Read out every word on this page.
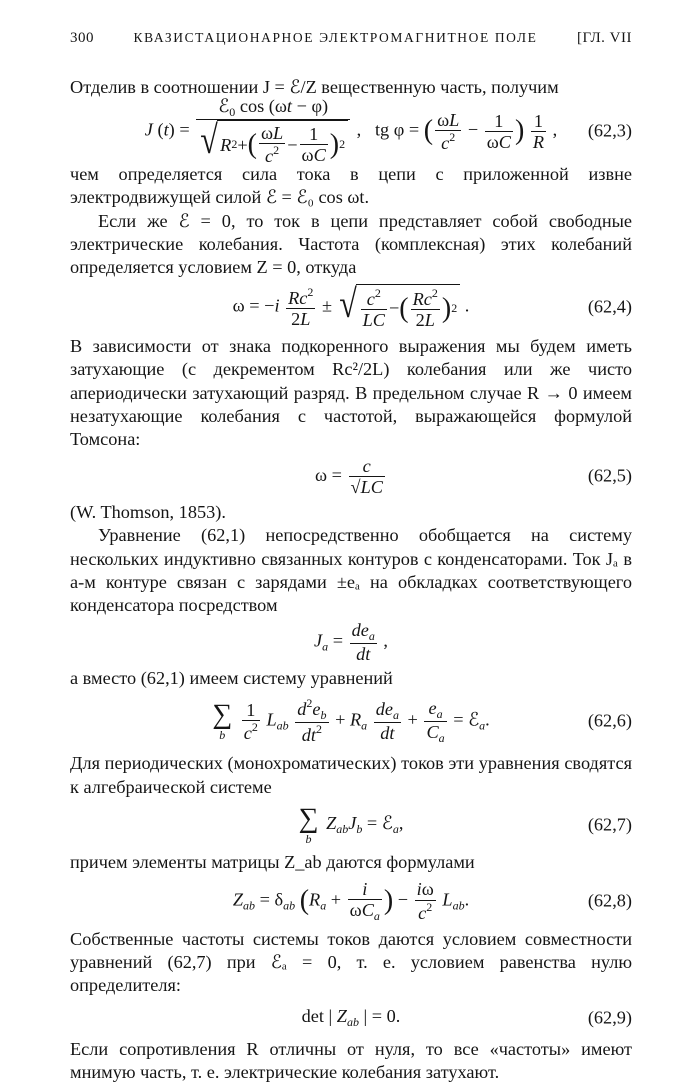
300	КВАЗИСТАЦИОНАРНОЕ ЭЛЕКТРОМАГНИТНОЕ ПОЛЕ	[ГЛ. VII

Отделив в соотношении J = ℰ/Z вещественную часть, получим

J $(t) = \frac{ℰ_0 \cos (\omega t - \varphi)}{√ R 2 + ( \frac{\omega L}{c^2} - \frac{1}{\omega C} ) 2}$ ,   tg φ = ( $\frac{\omega L}{c^2} - \frac{1}{\omega C}$ ) $\frac{1}{R}$ , (62,3)

чем определяется сила тока в цепи с приложенной извне электродвижущей силой ℰ = ℰ₀ cos ωt.

Если же ℰ = 0, то ток в цепи представляет собой свободные электрические колебания. Частота (комплексная) этих колебаний определяется условием Z = 0, откуда

$\omega = -i \frac{Rc^2}{2L}$ ± √ $\frac{c^2}{LC}$ − ( $\frac{Rc^2}{2L}$ ) 2 .	(62,4)

В зависимости от знака подкоренного выражения мы будем иметь затухающие (с декрементом Rc²/2L) колебания или же чисто апериодически затухающий разряд. В предельном случае R → 0 имеем незатухающие колебания с частотой, выражающейся формулой Томсона:

$\omega = \frac{c}{√LC}$	(62,5)

(W. Thomson, 1853).

Уравнение (62,1) непосредственно обобщается на систему нескольких индуктивно связанных контуров с конденсаторами. Ток Jₐ в a-м контуре связан с зарядами ±eₐ на обкладках соответствующего конденсатора посредством

$J_a = \frac{de_a}{dt}$ ,

а вместо (62,1) имеем систему уравнений

∑
b
$\frac{1}{c^2} L_{ab} \frac{d^2e_b}{dt^2} + R_a \frac{de_a}{dt} + \frac{e_a}{C_a}$ = ℰ$_a$.	(62,6)

Для периодических (монохроматических) токов эти уравнения сводятся к алгебраической системе

∑
b
$Z_{ab}J_b$ = ℰ$_a$,	(62,7)

причем элементы матрицы Z_ab даются формулами

$Z_{ab} = \delta_{ab}$ ($R_a + \frac{i}{\omega C_a}$ ) − $\frac{i\omega}{c^2} L_{ab}$.	(62,8)

Собственные частоты системы токов даются условием совместности уравнений (62,7) при ℰₐ = 0, т. е. условием равенства нулю определителя:

det | $Z_{ab}$ | = 0.	(62,9)

Если сопротивления R отличны от нуля, то все «частоты» имеют мнимую часть, т. е. электрические колебания затухают.
